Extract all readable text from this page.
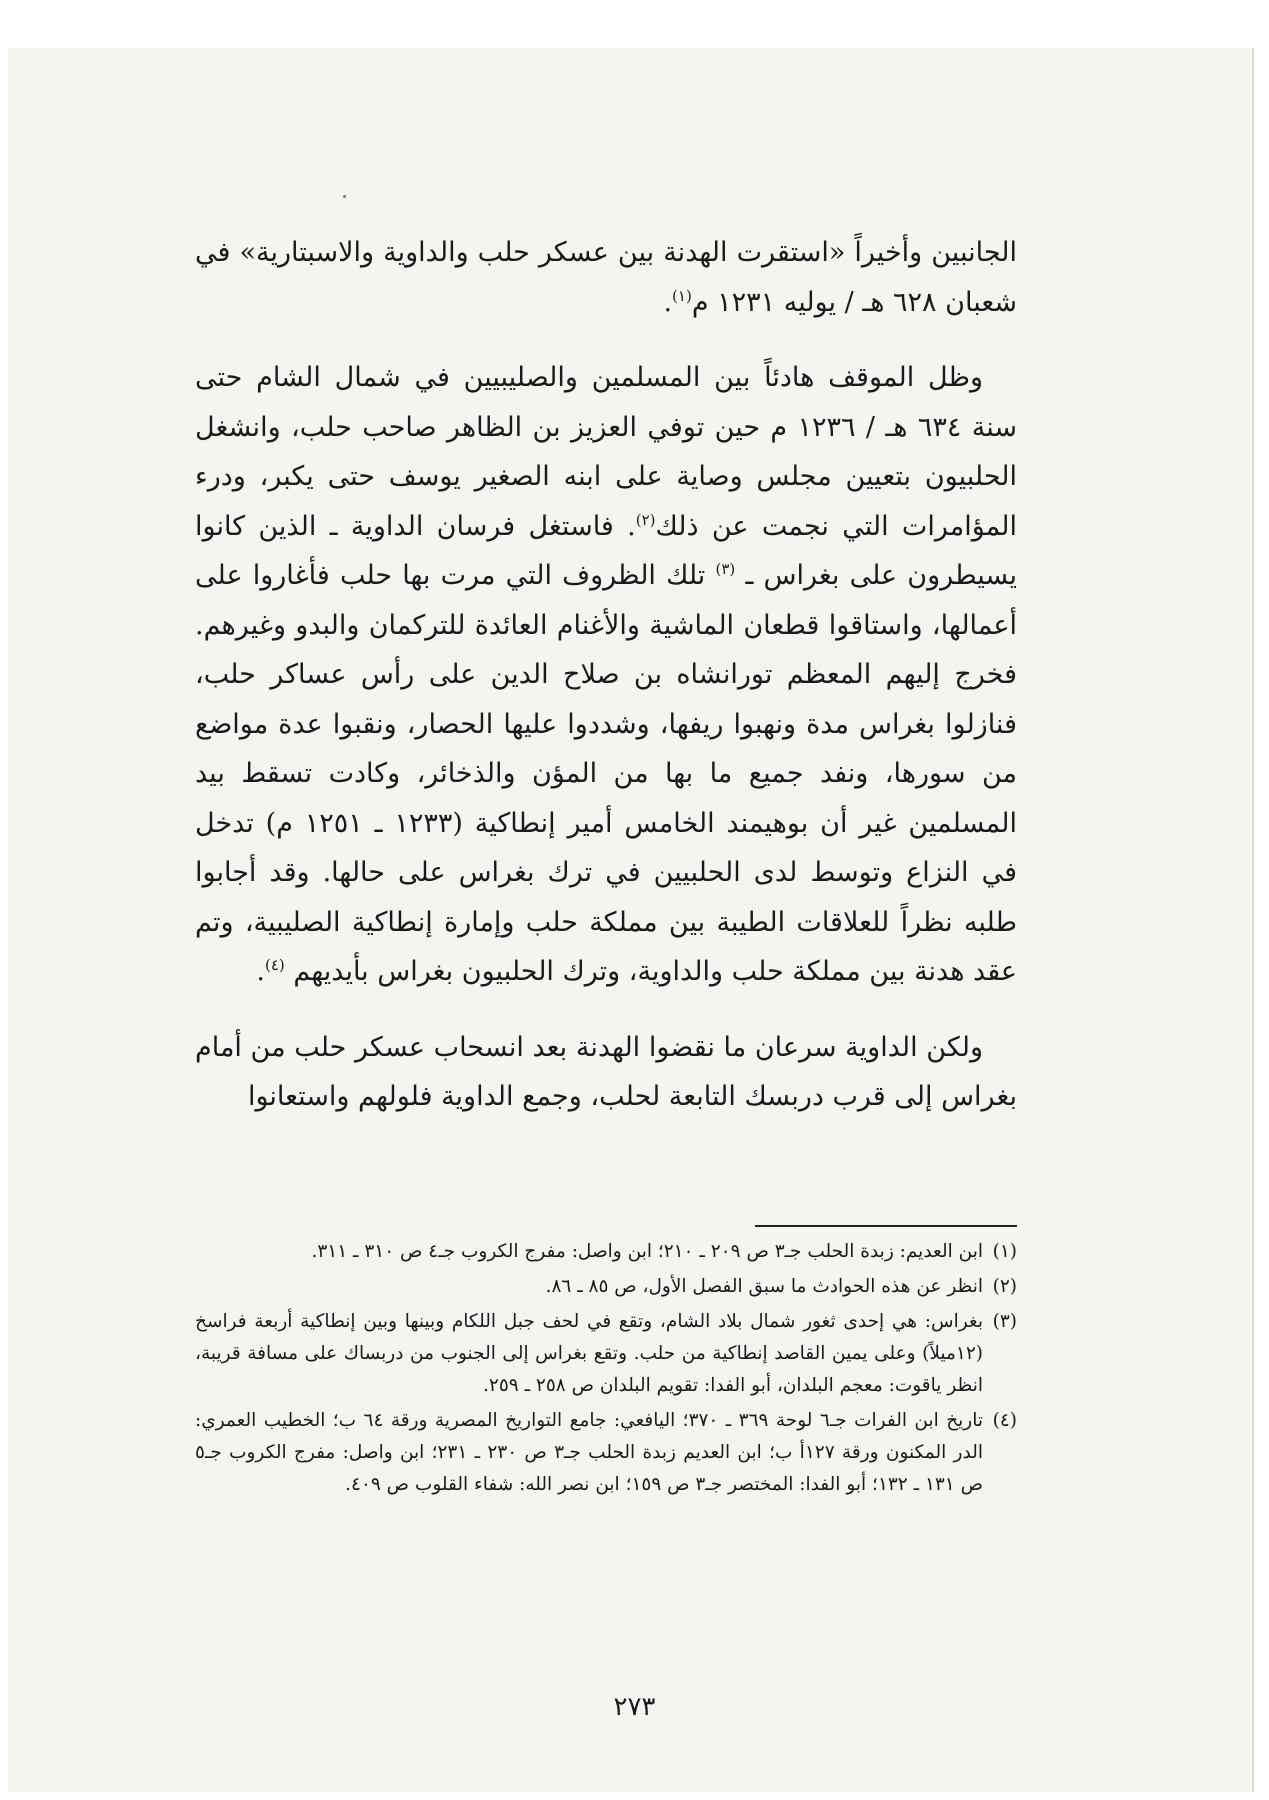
الجانبين وأخيراً «استقرت الهدنة بين عسكر حلب والداوية والاسبتارية» في شعبان ٦٢٨ هـ / يوليه ١٢٣١ م$^{(١)}$.

وظل الموقف هادئاً بين المسلمين والصليبيين في شمال الشام حتى سنة ٦٣٤ هـ / ١٢٣٦ م حين توفي العزيز بن الظاهر صاحب حلب، وانشغل الحلبيون بتعيين مجلس وصاية على ابنه الصغير يوسف حتى يكبر، ودرء المؤامرات التي نجمت عن ذلك$^{(٢)}$. فاستغل فرسان الداوية ـ الذين كانوا يسيطرون على بغراس ـ $^{(٣)}$ تلك الظروف التي مرت بها حلب فأغاروا على أعمالها، واستاقوا قطعان الماشية والأغنام العائدة للتركمان والبدو وغيرهم. فخرج إليهم المعظم تورانشاه بن صلاح الدين على رأس عساكر حلب، فنازلوا بغراس مدة ونهبوا ريفها، وشددوا عليها الحصار، ونقبوا عدة مواضع من سورها، ونفد جميع ما بها من المؤن والذخائر، وكادت تسقط بيد المسلمين غير أن بوهيمند الخامس أمير إنطاكية (١٢٣٣ ـ ١٢٥١ م) تدخل في النزاع وتوسط لدى الحلبيين في ترك بغراس على حالها. وقد أجابوا طلبه نظراً للعلاقات الطيبة بين مملكة حلب وإمارة إنطاكية الصليبية، وتم عقد هدنة بين مملكة حلب والداوية، وترك الحلبيون بغراس بأيديهم $^{(٤)}$.

ولكن الداوية سرعان ما نقضوا الهدنة بعد انسحاب عسكر حلب من أمام بغراس إلى قرب دربسك التابعة لحلب، وجمع الداوية فلولهم واستعانوا

(١)
ابن العديم: زبدة الحلب جـ٣ ص ٢٠٩ ـ ٢١٠؛ ابن واصل: مفرج الكروب جـ٤ ص ٣١٠ ـ ٣١١.
(٢)
انظر عن هذه الحوادث ما سبق الفصل الأول، ص ٨٥ ـ ٨٦.
(٣)
بغراس: هي إحدى ثغور شمال بلاد الشام، وتقع في لحف جبل اللكام وبينها وبين إنطاكية أربعة فراسخ (١٢ميلاً) وعلى يمين القاصد إنطاكية من حلب. وتقع بغراس إلى الجنوب من دربساك على مسافة قريبة، انظر ياقوت: معجم البلدان، أبو الفدا: تقويم البلدان ص ٢٥٨ ـ ٢٥٩.
(٤)
تاريخ ابن الفرات جـ٦ لوحة ٣٦٩ ـ ٣٧٠؛ اليافعي: جامع التواريخ المصرية ورقة ٦٤ ب؛ الخطيب العمري: الدر المكنون ورقة ١٢٧أ ب؛ ابن العديم زبدة الحلب جـ٣ ص ٢٣٠ ـ ٢٣١؛ ابن واصل: مفرج الكروب جـ٥ ص ١٣١ ـ ١٣٢؛ أبو الفدا: المختصر جـ٣ ص ١٥٩؛ ابن نصر الله: شفاء القلوب ص ٤٠٩.
٢٧٣
